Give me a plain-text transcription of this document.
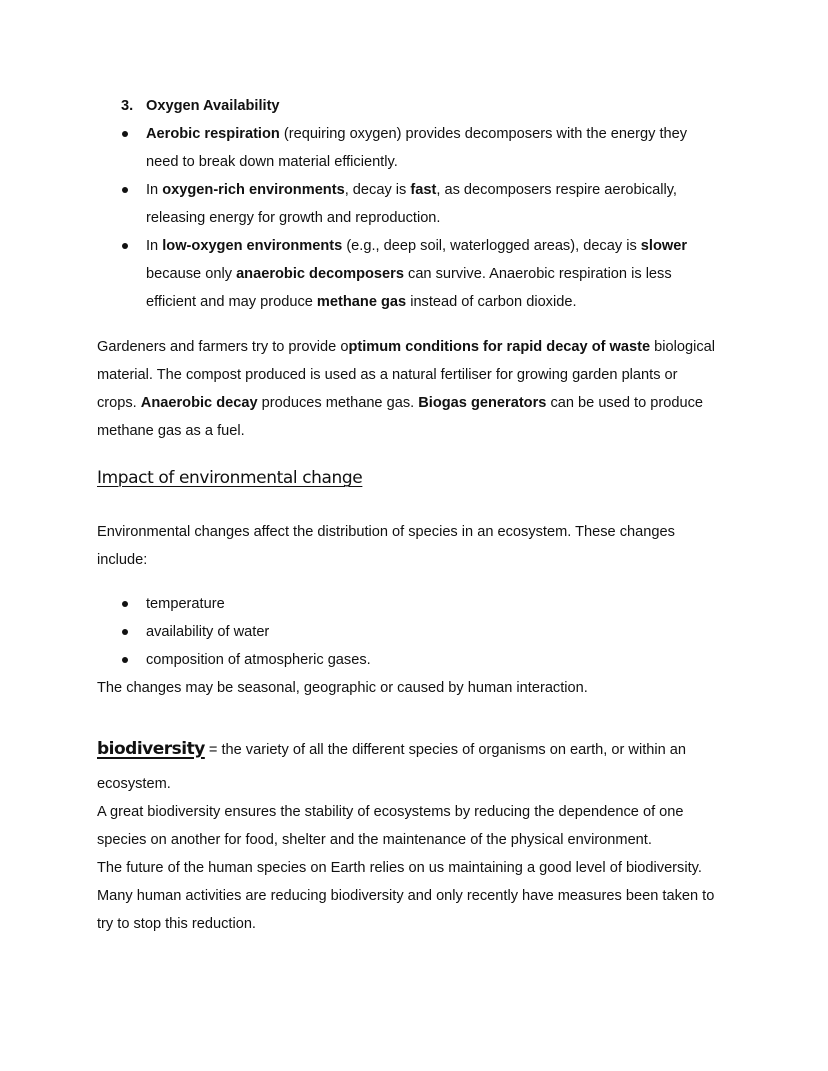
3. Oxygen Availability
Aerobic respiration (requiring oxygen) provides decomposers with the energy they
need to break down material efficiently.
In oxygen-rich environments, decay is fast, as decomposers respire aerobically,
releasing energy for growth and reproduction.
In low-oxygen environments (e.g., deep soil, waterlogged areas), decay is slower
because only anaerobic decomposers can survive. Anaerobic respiration is less
efficient and may produce methane gas instead of carbon dioxide.
Gardeners and farmers try to provide optimum conditions for rapid decay of waste biological
material. The compost produced is used as a natural fertiliser for growing garden plants or
crops. Anaerobic decay produces methane gas. Biogas generators can be used to produce
methane gas as a fuel.
Impact of environmental change
Environmental changes affect the distribution of species in an ecosystem. These changes
include:
temperature
availability of water
composition of atmospheric gases.
The changes may be seasonal, geographic or caused by human interaction.
biodiversity = the variety of all the different species of organisms on earth, or within an
ecosystem.
A great biodiversity ensures the stability of ecosystems by reducing the dependence of one
species on another for food, shelter and the maintenance of the physical environment.
The future of the human species on Earth relies on us maintaining a good level of biodiversity.
Many human activities are reducing biodiversity and only recently have measures been taken to
try to stop this reduction.
